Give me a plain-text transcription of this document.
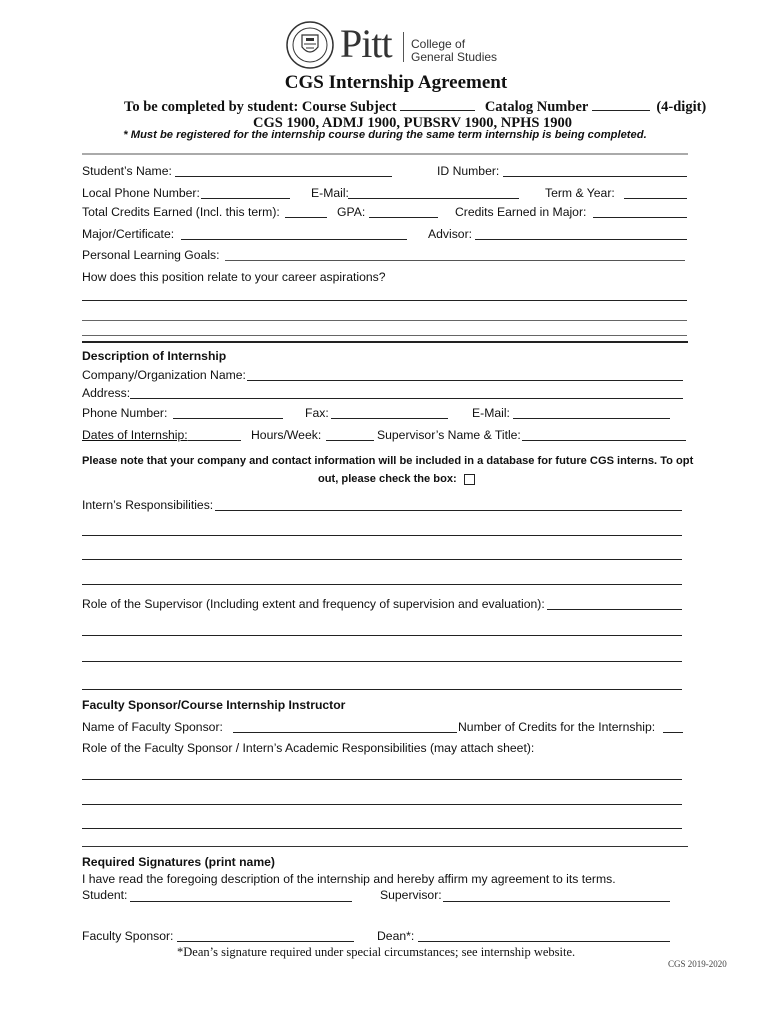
Pitt College of
General Studies
CGS Internship Agreement
To be completed by student: Course Subject	Catalog Number	(4-digit)
CGS 1900, ADMJ 1900, PUBSRV 1900, NPHS 1900
* Must be registered for the internship course during the same term internship is being completed.
Student’s Name:	ID Number:
Local Phone Number:	E-Mail:	Term & Year:
Total Credits Earned (Incl. this term):	GPA:	Credits Earned in Major:
Major/Certificate:	Advisor:
Personal Learning Goals:
How does this position relate to your career aspirations?
Description of Internship
Company/Organization Name:
Address:
Phone Number:	Fax:	E-Mail:
Dates of Internship:	Hours/Week:	Supervisor’s Name & Title:
Please note that your company and contact information will be included in a database for future CGS interns. To opt
out, please check the box:
Intern’s Responsibilities:
Role of the Supervisor (Including extent and frequency of supervision and evaluation):
Faculty Sponsor/Course Internship Instructor
Name of Faculty Sponsor:	Number of Credits for the Internship:
Role of the Faculty Sponsor / Intern’s Academic Responsibilities (may attach sheet):
Required Signatures (print name)
I have read the foregoing description of the internship and hereby affirm my agreement to its terms.
Student:	Supervisor:
Faculty Sponsor:	Dean*:
*Dean’s signature required under special circumstances; see internship website.
CGS 2019-2020
